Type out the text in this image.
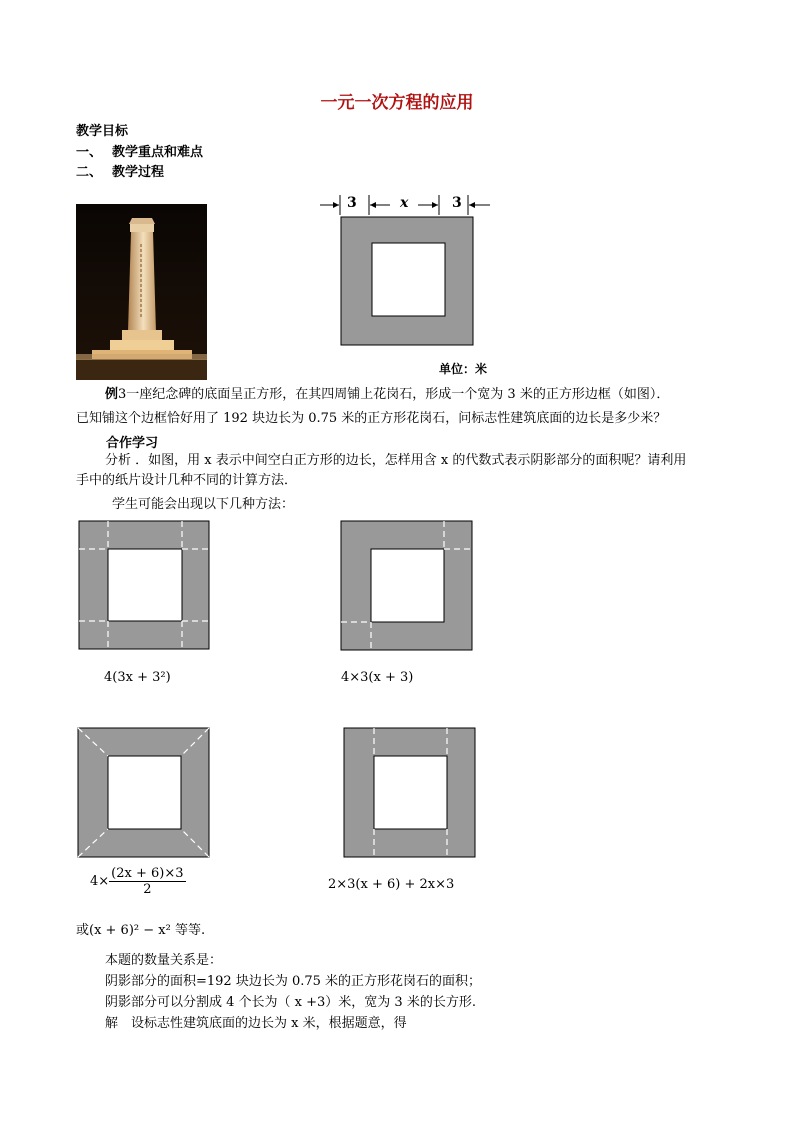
一元一次方程的应用
教学目标
一、 教学重点和难点
二、 教学过程
3	x	3
单位：米
例3一座纪念碑的底面呈正方形，在其四周铺上花岗石，形成一个宽为 3 米的正方形边框（如图）．
已知铺这个边框恰好用了 192 块边长为 0.75 米的正方形花岗石，问标志性建筑底面的边长是多少米？
合作学习
分析 ．如图，用 x 表示中间空白正方形的边长，怎样用含 x 的代数式表示阴影部分的面积呢？请利用
手中的纸片设计几种不同的计算方法．
学生可能会出现以下几种方法：
4(3x + 3²)	4×3(x + 3)
$4\times \frac{(2x + 6)\times 3}{2}$	2×3(x + 6) + 2x×3
或(x + 6)² − x² 等等.
本题的数量关系是：
阴影部分的面积=192 块边长为 0.75 米的正方形花岗石的面积；
阴影部分可以分割成 4 个长为（ x +3）米，宽为 3 米的长方形.
解　设标志性建筑底面的边长为 x 米，根据题意，得
